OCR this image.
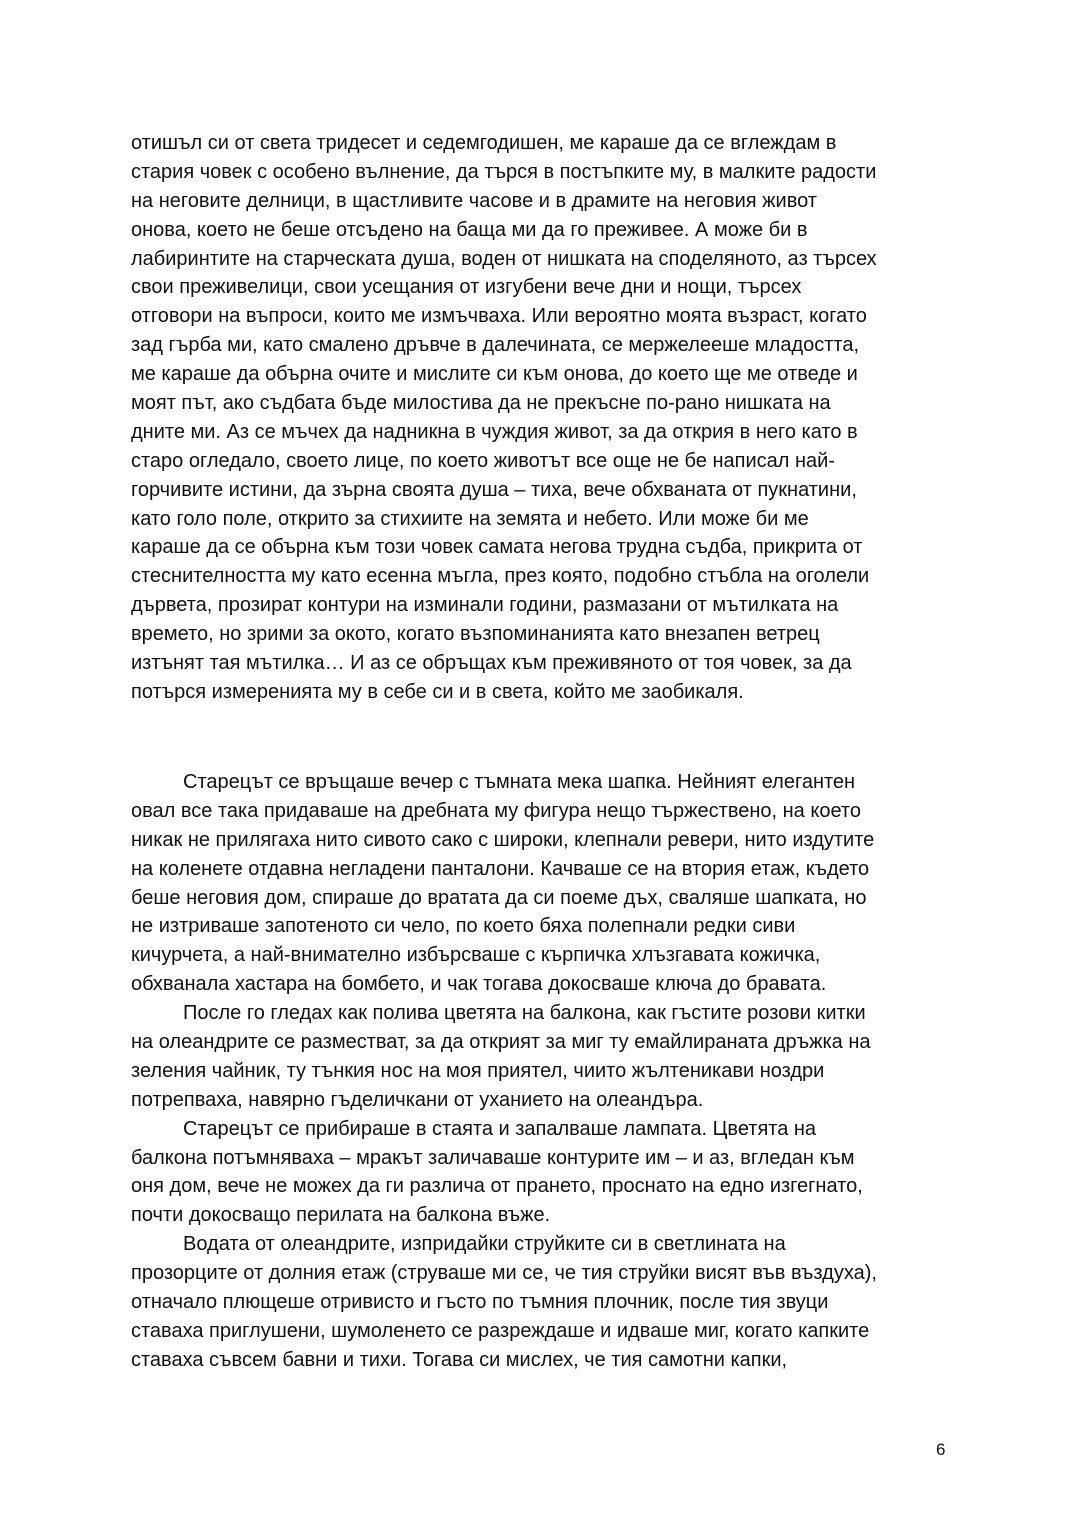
отишъл си от света тридесет и седемгодишен, ме караше да се вглеждам в
стария човек с особено вълнение, да търся в постъпките му, в малките радости
на неговите делници, в щастливите часове и в драмите на неговия живот
онова, което не беше отсъдено на баща ми да го преживее. А може би в
лабиринтите на старческата душа, воден от нишката на споделяното, аз търсех
свои преживелици, свои усещания от изгубени вече дни и нощи, търсех
отговори на въпроси, които ме измъчваха. Или вероятно моята възраст, когато
зад гърба ми, като смалено дръвче в далечината, се мержелееше младостта,
ме караше да обърна очите и мислите си към онова, до което ще ме отведе и
моят път, ако съдбата бъде милостива да не прекъсне по-рано нишката на
дните ми. Аз се мъчех да надникна в чуждия живот, за да открия в него като в
старо огледало, своето лице, по което животът все още не бе написал най-
горчивите истини, да зърна своята душа – тиха, вече обхваната от пукнатини,
като голо поле, открито за стихиите на земята и небето. Или може би ме
караше да се обърна към този човек самата негова трудна съдба, прикрита от
стеснителността му като есенна мъгла, през която, подобно стъбла на оголели
дървета, прозират контури на изминали години, размазани от мътилката на
времето, но зрими за окото, когато възпоминанията като внезапен ветрец
изтънят тая мътилка… И аз се обръщах към преживяното от тоя човек, за да
потърся измеренията му в себе си и в света, който ме заобикаля.
Старецът се връщаше вечер с тъмната мека шапка. Нейният елегантен
овал все така придаваше на дребната му фигура нещо тържествено, на което
никак не прилягаха нито сивото сако с широки, клепнали ревери, нито издутите
на коленете отдавна негладени панталони. Качваше се на втория етаж, където
беше неговия дом, спираше до вратата да си поеме дъх, сваляше шапката, но
не изтриваше запотеното си чело, по което бяха полепнали редки сиви
кичурчета, а най-внимателно избърсваше с кърпичка хлъзгавата кожичка,
обхванала хастара на бомбето, и чак тогава докосваше ключа до бравата.
После го гледах как полива цветята на балкона, как гъстите розови китки
на олеандрите се разместват, за да открият за миг ту емайлираната дръжка на
зеления чайник, ту тънкия нос на моя приятел, чиито жълтеникави ноздри
потрепваха, навярно гъделичкани от уханието на олеандъра.
Старецът се прибираше в стаята и запалваше лампата. Цветята на
балкона потъмняваха – мракът заличаваше контурите им – и аз, вгледан към
оня дом, вече не можех да ги различа от прането, проснато на едно изгегнато,
почти докосващо перилата на балкона въже.
Водата от олеандрите, изпридайки струйките си в светлината на
прозорците от долния етаж (струваше ми се, че тия струйки висят във въздуха),
отначало плющеше отривисто и гъсто по тъмния плочник, после тия звуци
ставаха приглушени, шумоленето се разреждаше и идваше миг, когато капките
ставаха съвсем бавни и тихи. Тогава си мислех, че тия самотни капки,
6
